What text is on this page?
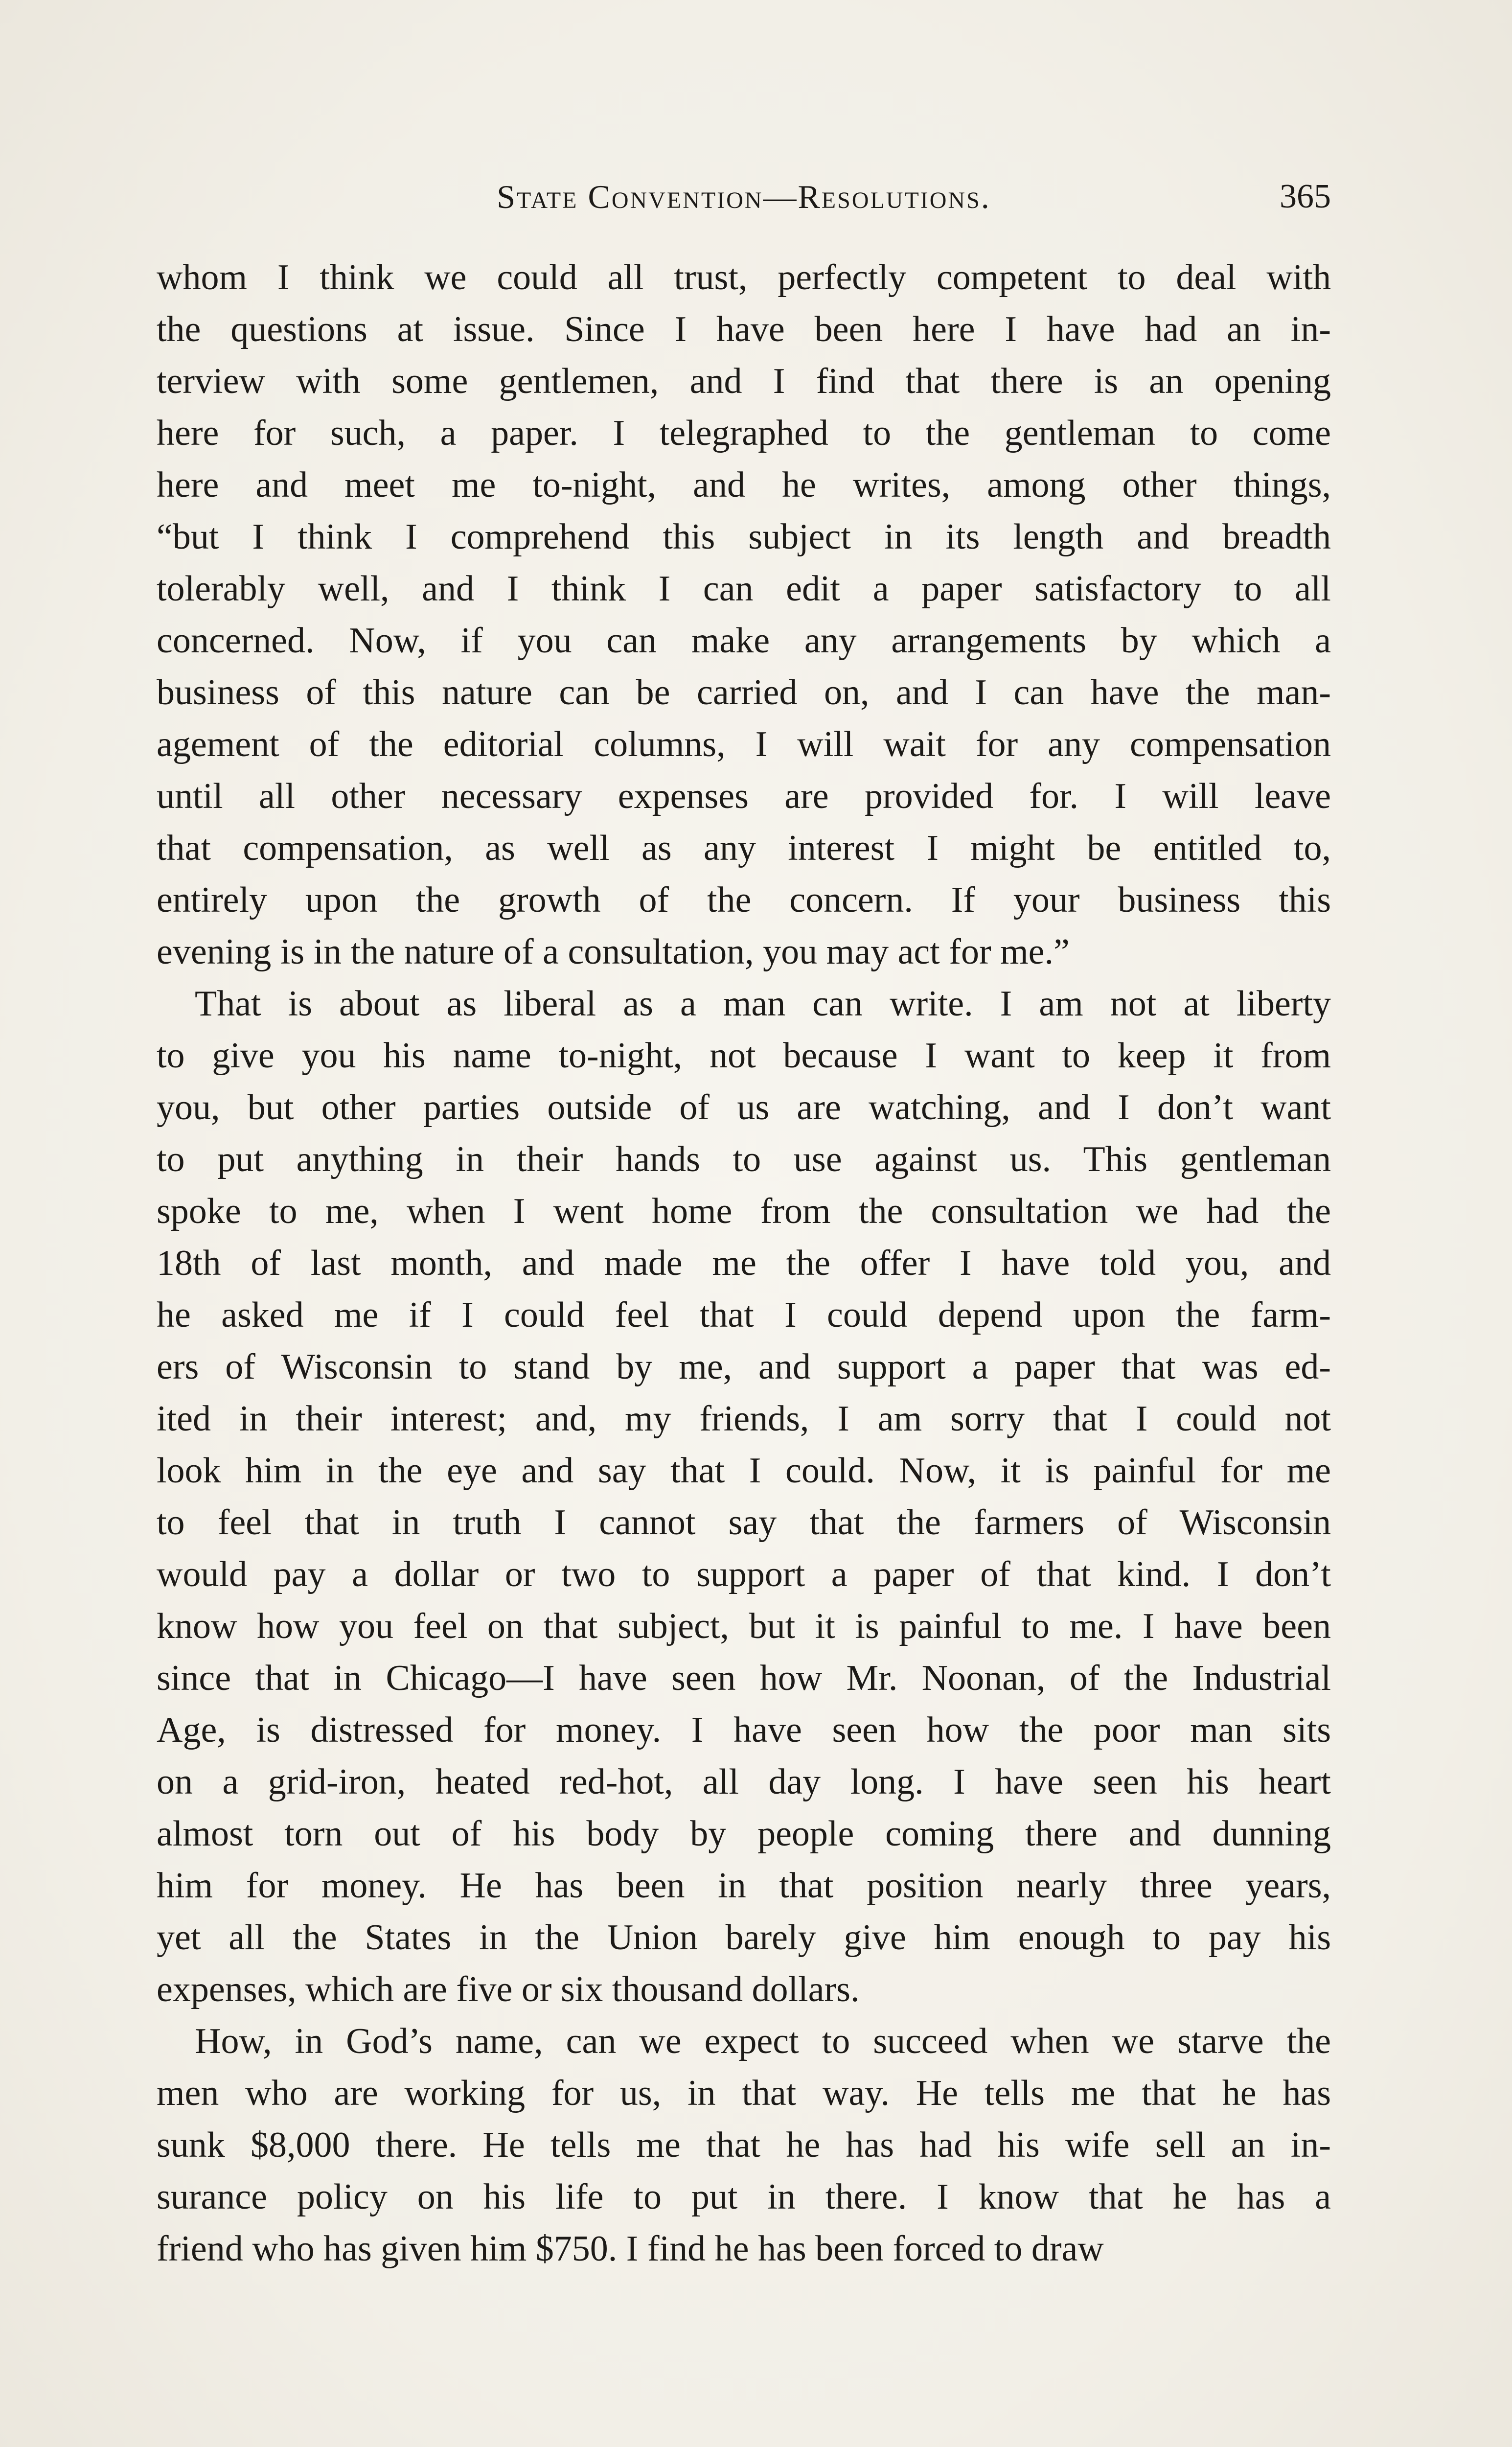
State Convention—Resolutions.	365
whom I think we could all trust, perfectly competent to deal with
the questions at issue. Since I have been here I have had an in-
terview with some gentlemen, and I find that there is an opening
here for such, a paper. I telegraphed to the gentleman to come
here and meet me to-night, and he writes, among other things,
“but I think I comprehend this subject in its length and breadth
tolerably well, and I think I can edit a paper satisfactory to all
concerned. Now, if you can make any arrangements by which a
business of this nature can be carried on, and I can have the man-
agement of the editorial columns, I will wait for any compensation
until all other necessary expenses are provided for. I will leave
that compensation, as well as any interest I might be entitled to,
entirely upon the growth of the concern. If your business this
evening is in the nature of a consultation, you may act for me.”
That is about as liberal as a man can write. I am not at liberty
to give you his name to-night, not because I want to keep it from
you, but other parties outside of us are watching, and I don’t want
to put anything in their hands to use against us. This gentleman
spoke to me, when I went home from the consultation we had the
18th of last month, and made me the offer I have told you, and
he asked me if I could feel that I could depend upon the farm-
ers of Wisconsin to stand by me, and support a paper that was ed-
ited in their interest; and, my friends, I am sorry that I could not
look him in the eye and say that I could. Now, it is painful for me
to feel that in truth I cannot say that the farmers of Wisconsin
would pay a dollar or two to support a paper of that kind. I don’t
know how you feel on that subject, but it is painful to me. I have been
since that in Chicago—I have seen how Mr. Noonan, of the Industrial
Age, is distressed for money. I have seen how the poor man sits
on a grid-iron, heated red-hot, all day long. I have seen his heart
almost torn out of his body by people coming there and dunning
him for money. He has been in that position nearly three years,
yet all the States in the Union barely give him enough to pay his
expenses, which are five or six thousand dollars.
How, in God’s name, can we expect to succeed when we starve the
men who are working for us, in that way. He tells me that he has
sunk $8,000 there. He tells me that he has had his wife sell an in-
surance policy on his life to put in there. I know that he has a
friend who has given him $750. I find he has been forced to draw
